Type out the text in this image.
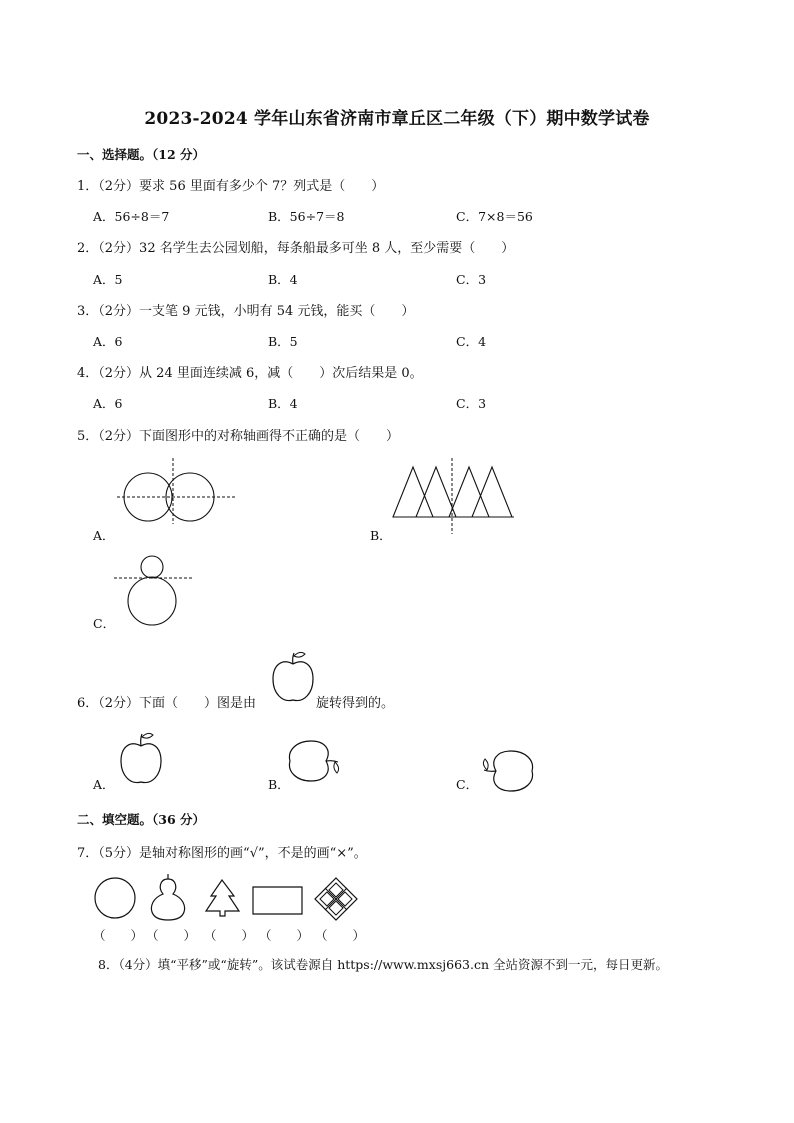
2023-2024 学年山东省济南市章丘区二年级（下）期中数学试卷
一、选择题。（12 分）
1．（2分）要求 56 里面有多少个 7？列式是（　　）
A．56÷8＝7	B．56÷7＝8	C．7×8＝56
2．（2分）32 名学生去公园划船，每条船最多可坐 8 人，至少需要（　　）
A．5	B．4	C．3
3．（2分）一支笔 9 元钱，小明有 54 元钱，能买（　　）
A．6	B．5	C．4
4．（2分）从 24 里面连续减 6，减（　　）次后结果是 0。
A．6	B．4	C．3
5．（2分）下面图形中的对称轴画得不正确的是（　　）
A．	B．
C．
6．（2分）下面（　　）图是由	旋转得到的。
A．	B．	C．
二、填空题。（36 分）
7．（5分）是轴对称图形的画“√”，不是的画“×”。
（　　） （　　） （　　） （　　） （　　）
8．（4分）填“平移”或“旋转”。该试卷源自 https://www.mxsj663.cn 全站资源不到一元，每日更新。
